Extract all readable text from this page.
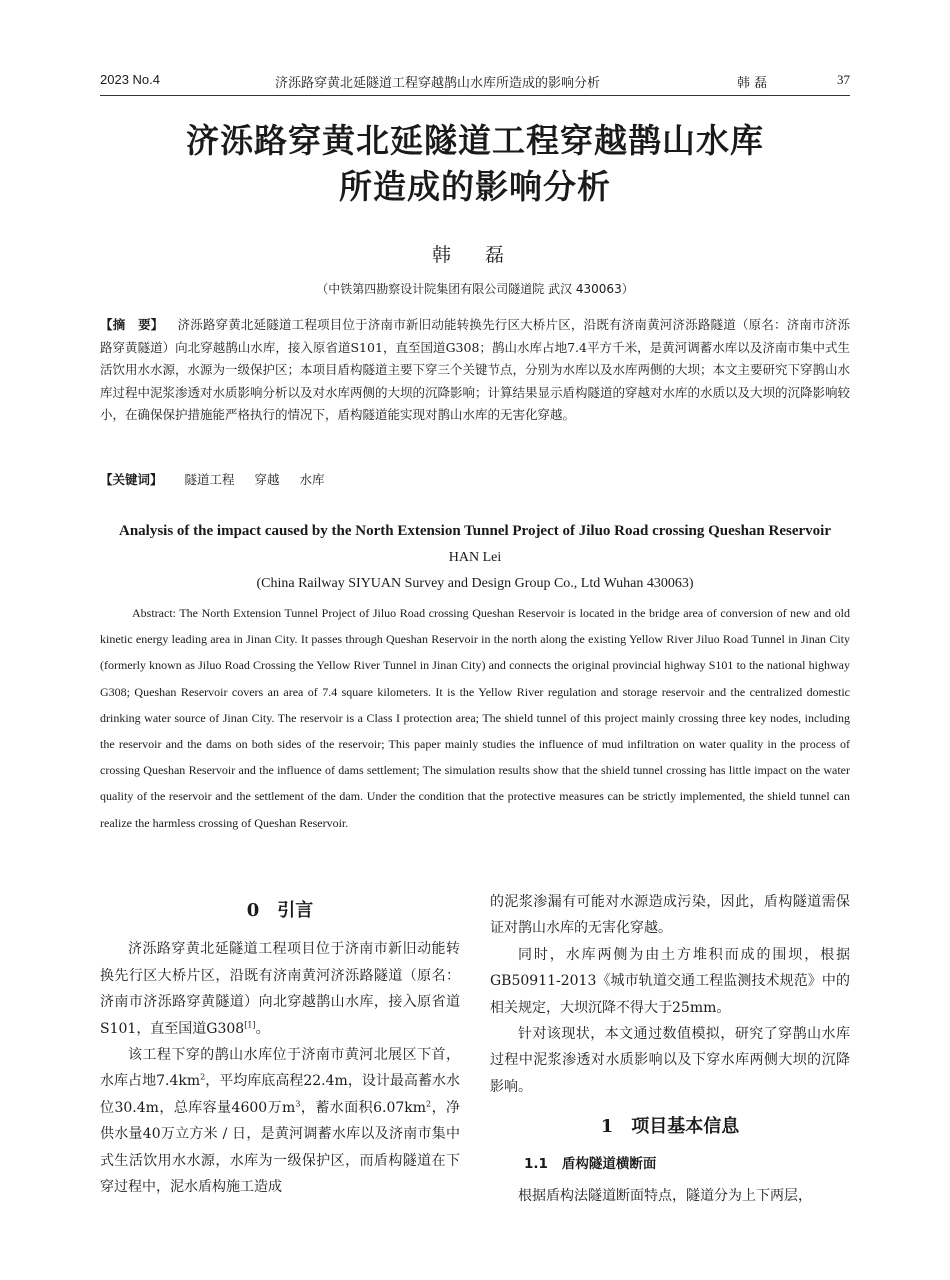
2023 No.4	济泺路穿黄北延隧道工程穿越鹊山水库所造成的影响分析	韩 磊	37
济泺路穿黄北延隧道工程穿越鹊山水库
所造成的影响分析
韩 磊
（中铁第四勘察设计院集团有限公司隧道院 武汉 430063）
【摘　要】 济泺路穿黄北延隧道工程项目位于济南市新旧动能转换先行区大桥片区，沿既有济南黄河济泺路隧道（原名：济南市济泺路穿黄隧道）向北穿越鹊山水库，接入原省道S101，直至国道G308；鹊山水库占地7.4平方千米，是黄河调蓄水库以及济南市集中式生活饮用水水源，水源为一级保护区；本项目盾构隧道主要下穿三个关键节点，分别为水库以及水库两侧的大坝；本文主要研究下穿鹊山水库过程中泥浆渗透对水质影响分析以及对水库两侧的大坝的沉降影响；计算结果显示盾构隧道的穿越对水库的水质以及大坝的沉降影响较小，在确保保护措施能严格执行的情况下，盾构隧道能实现对鹊山水库的无害化穿越。
【关键词】 隧道工程 穿越 水库
Analysis of the impact caused by the North Extension Tunnel Project of Jiluo Road crossing Queshan Reservoir
HAN Lei
(China Railway SIYUAN Survey and Design Group Co., Ltd Wuhan 430063)
Abstract: The North Extension Tunnel Project of Jiluo Road crossing Queshan Reservoir is located in the bridge area of conversion of new and old kinetic energy leading area in Jinan City. It passes through Queshan Reservoir in the north along the existing Yellow River Jiluo Road Tunnel in Jinan City (formerly known as Jiluo Road Crossing the Yellow River Tunnel in Jinan City) and connects the original provincial highway S101 to the national highway G308; Queshan Reservoir covers an area of 7.4 square kilometers. It is the Yellow River regulation and storage reservoir and the centralized domestic drinking water source of Jinan City. The reservoir is a Class I protection area; The shield tunnel of this project mainly crossing three key nodes, including the reservoir and the dams on both sides of the reservoir; This paper mainly studies the influence of mud infiltration on water quality in the process of crossing Queshan Reservoir and the influence of dams settlement; The simulation results show that the shield tunnel crossing has little impact on the water quality of the reservoir and the settlement of the dam. Under the condition that the protective measures can be strictly implemented, the shield tunnel can realize the harmless crossing of Queshan Reservoir.
0 引言

济泺路穿黄北延隧道工程项目位于济南市新旧动能转换先行区大桥片区，沿既有济南黄河济泺路隧道（原名：济南市济泺路穿黄隧道）向北穿越鹊山水库，接入原省道S101，直至国道G308[1]。

该工程下穿的鹊山水库位于济南市黄河北展区下首，水库占地$7.4km^2$，平均库底高程22.4m，设计最高蓄水水位30.4m，总库容量4600万$m^3$，蓄水面积$6.07km^2$，净供水量40万立方米 / 日，是黄河调蓄水库以及济南市集中式生活饮用水水源，水库为一级保护区，而盾构隧道在下穿过程中，泥水盾构施工造成

的泥浆渗漏有可能对水源造成污染，因此，盾构隧道需保证对鹊山水库的无害化穿越。

同时，水库两侧为由土方堆积而成的围坝，根据GB50911-2013《城市轨道交通工程监测技术规范》中的相关规定，大坝沉降不得大于25mm。

针对该现状，本文通过数值模拟，研究了穿鹊山水库过程中泥浆渗透对水质影响以及下穿水库两侧大坝的沉降影响。

1 项目基本信息
1.1 盾构隧道横断面

根据盾构法隧道断面特点，隧道分为上下两层，
